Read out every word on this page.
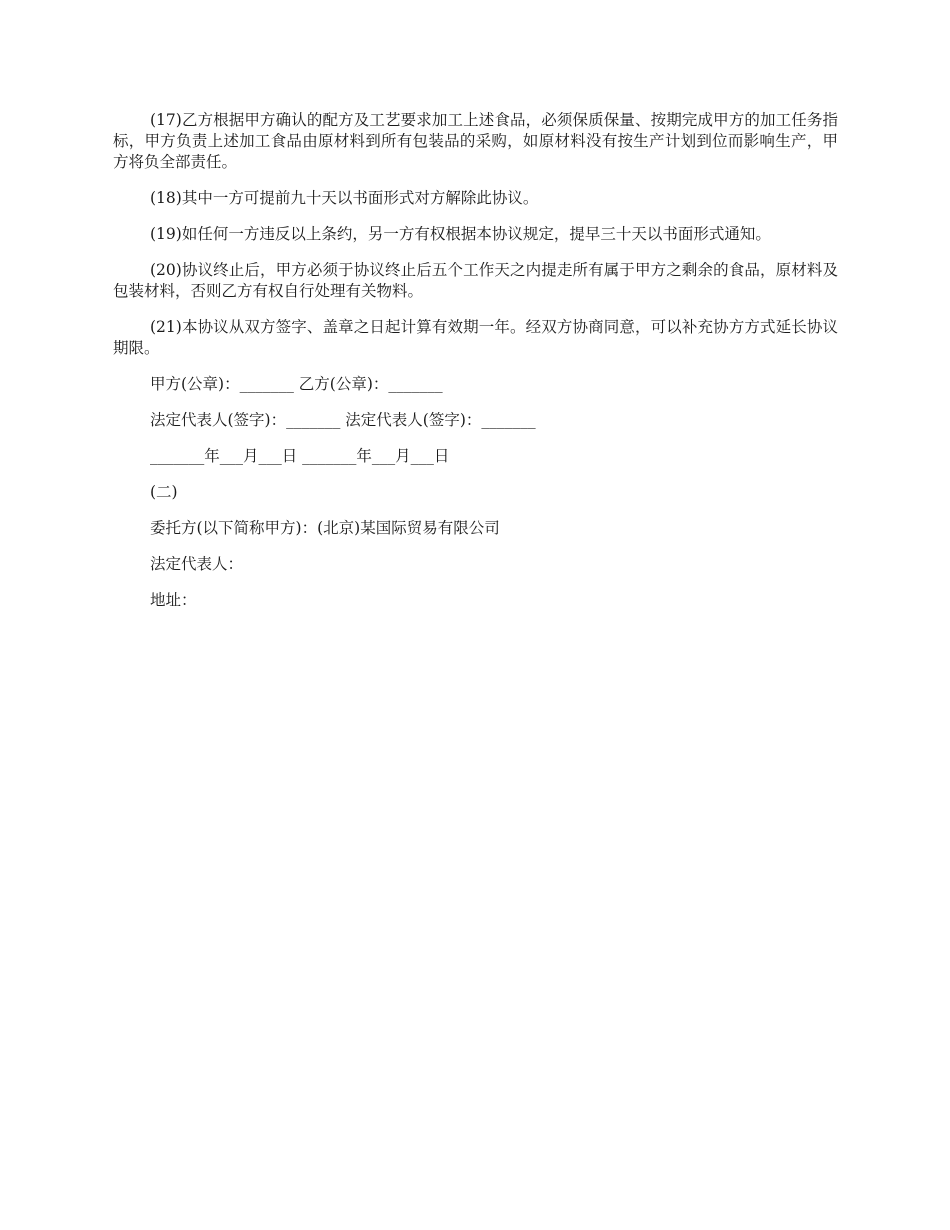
(17)乙方根据甲方确认的配方及工艺要求加工上述食品，必须保质保量、按期完成甲方的加工任务指标，甲方负责上述加工食品由原材料到所有包装品的采购，如原材料没有按生产计划到位而影响生产，甲方将负全部责任。

(18)其中一方可提前九十天以书面形式对方解除此协议。

(19)如任何一方违反以上条约，另一方有权根据本协议规定，提早三十天以书面形式通知。

(20)协议终止后，甲方必须于协议终止后五个工作天之内提走所有属于甲方之剩余的食品，原材料及包装材料，否则乙方有权自行处理有关物料。

(21)本协议从双方签字、盖章之日起计算有效期一年。经双方协商同意，可以补充协方方式延长协议期限。

甲方(公章)：_______ 乙方(公章)：_______

法定代表人(签字)：_______ 法定代表人(签字)：_______

_______年___月___日 _______年___月___日

(二)

委托方(以下简称甲方)：(北京)某国际贸易有限公司

法定代表人：

地址：
